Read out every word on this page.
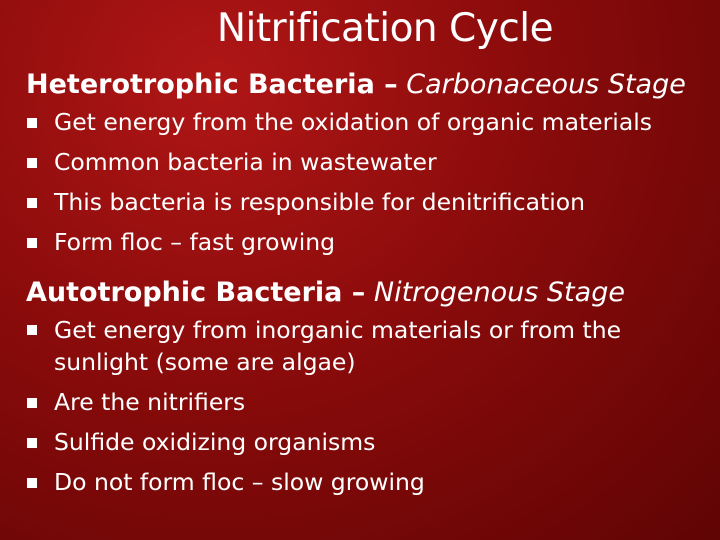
Nitrification Cycle
Heterotrophic Bacteria – Carbonaceous Stage
Get energy from the oxidation of organic materials
Common bacteria in wastewater
This bacteria is responsible for denitrification
Form floc – fast growing
Autotrophic Bacteria – Nitrogenous Stage
Get energy from inorganic materials or from the
sunlight (some are algae)
Are the nitrifiers
Sulfide oxidizing organisms
Do not form floc – slow growing
